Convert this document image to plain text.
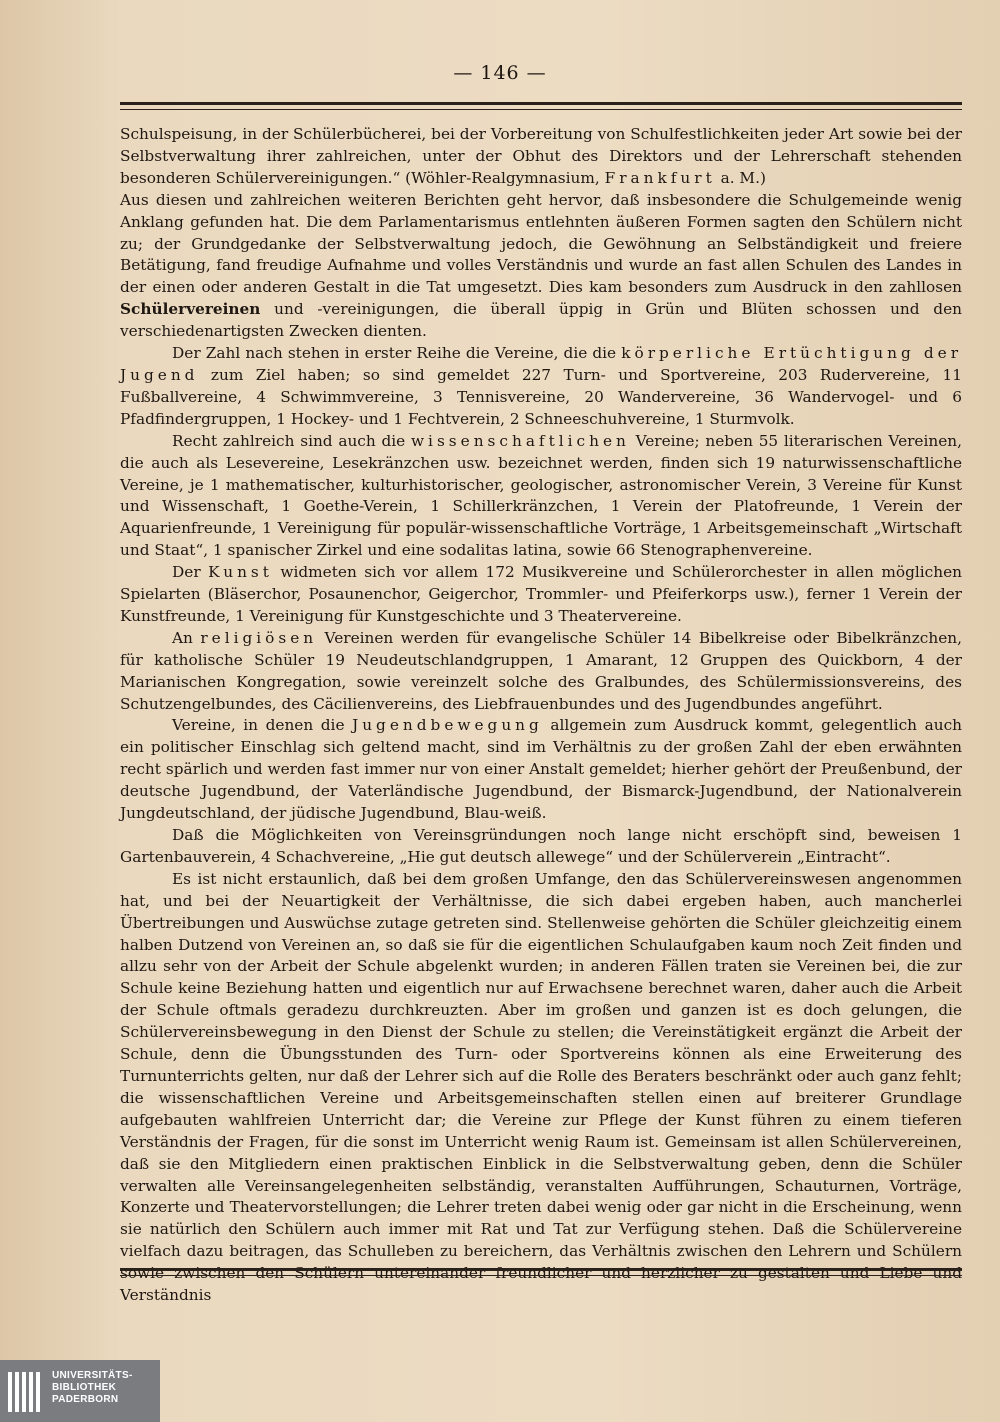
— 146 —

Schulspeisung, in der Schülerbücherei, bei der Vorbereitung von Schulfestlichkeiten jeder Art sowie bei der Selbstverwaltung ihrer zahlreichen, unter der Obhut des Direktors und der Lehrerschaft stehenden besonderen Schülervereinigungen.“ (Wöhler-Realgymnasium, Frankfurt a. M.)

Aus diesen und zahlreichen weiteren Berichten geht hervor, daß insbesondere die Schulgemeinde wenig Anklang gefunden hat. Die dem Parlamentarismus entlehnten äußeren Formen sagten den Schülern nicht zu; der Grundgedanke der Selbstverwaltung jedoch, die Gewöhnung an Selbständigkeit und freiere Betätigung, fand freudige Aufnahme und volles Verständnis und wurde an fast allen Schulen des Landes in der einen oder anderen Gestalt in die Tat umgesetzt. Dies kam besonders zum Ausdruck in den zahllosen Schülervereinen und -vereinigungen, die überall üppig in Grün und Blüten schossen und den verschiedenartigsten Zwecken dienten.

Der Zahl nach stehen in erster Reihe die Vereine, die die körperliche Ertüchtigung der Jugend zum Ziel haben; so sind gemeldet 227 Turn- und Sportvereine, 203 Rudervereine, 11 Fußballvereine, 4 Schwimmvereine, 3 Tennisvereine, 20 Wandervereine, 36 Wandervogel- und 6 Pfadfindergruppen, 1 Hockey- und 1 Fechtverein, 2 Schneeschuhvereine, 1 Sturmvolk.

Recht zahlreich sind auch die wissenschaftlichen Vereine; neben 55 literarischen Vereinen, die auch als Lesevereine, Lesekränzchen usw. bezeichnet werden, finden sich 19 naturwissenschaftliche Vereine, je 1 mathematischer, kulturhistorischer, geologischer, astronomischer Verein, 3 Vereine für Kunst und Wissenschaft, 1 Goethe-Verein, 1 Schillerkränzchen, 1 Verein der Platofreunde, 1 Verein der Aquarienfreunde, 1 Vereinigung für populär-wissenschaftliche Vorträge, 1 Arbeitsgemeinschaft „Wirtschaft und Staat“, 1 spanischer Zirkel und eine sodalitas latina, sowie 66 Stenographenvereine.

Der Kunst widmeten sich vor allem 172 Musikvereine und Schülerorchester in allen möglichen Spielarten (Bläserchor, Posaunenchor, Geigerchor, Trommler- und Pfeiferkorps usw.), ferner 1 Verein der Kunstfreunde, 1 Vereinigung für Kunstgeschichte und 3 Theatervereine.

An religiösen Vereinen werden für evangelische Schüler 14 Bibelkreise oder Bibelkränzchen, für katholische Schüler 19 Neudeutschlandgruppen, 1 Amarant, 12 Gruppen des Quickborn, 4 der Marianischen Kongregation, sowie vereinzelt solche des Gralbundes, des Schülermissionsvereins, des Schutzengelbundes, des Cäcilienvereins, des Liebfrauenbundes und des Jugendbundes angeführt.

Vereine, in denen die Jugendbewegung allgemein zum Ausdruck kommt, gelegentlich auch ein politischer Einschlag sich geltend macht, sind im Verhältnis zu der großen Zahl der eben erwähnten recht spärlich und werden fast immer nur von einer Anstalt gemeldet; hierher gehört der Preußenbund, der deutsche Jugendbund, der Vaterländische Jugendbund, der Bismarck-Jugendbund, der Nationalverein Jungdeutschland, der jüdische Jugendbund, Blau-weiß.

Daß die Möglichkeiten von Vereinsgründungen noch lange nicht erschöpft sind, beweisen 1 Gartenbauverein, 4 Schachvereine, „Hie gut deutsch allewege“ und der Schülerverein „Eintracht“.

Es ist nicht erstaunlich, daß bei dem großen Umfange, den das Schülervereinswesen angenommen hat, und bei der Neuartigkeit der Verhältnisse, die sich dabei ergeben haben, auch mancherlei Übertreibungen und Auswüchse zutage getreten sind. Stellenweise gehörten die Schüler gleichzeitig einem halben Dutzend von Vereinen an, so daß sie für die eigentlichen Schulaufgaben kaum noch Zeit finden und allzu sehr von der Arbeit der Schule abgelenkt wurden; in anderen Fällen traten sie Vereinen bei, die zur Schule keine Beziehung hatten und eigentlich nur auf Erwachsene berechnet waren, daher auch die Arbeit der Schule oftmals geradezu durchkreuzten. Aber im großen und ganzen ist es doch gelungen, die Schülervereinsbewegung in den Dienst der Schule zu stellen; die Vereinstätigkeit ergänzt die Arbeit der Schule, denn die Übungsstunden des Turn- oder Sportvereins können als eine Erweiterung des Turnunterrichts gelten, nur daß der Lehrer sich auf die Rolle des Beraters beschränkt oder auch ganz fehlt; die wissenschaftlichen Vereine und Arbeitsgemeinschaften stellen einen auf breiterer Grundlage aufgebauten wahlfreien Unterricht dar; die Vereine zur Pflege der Kunst führen zu einem tieferen Verständnis der Fragen, für die sonst im Unterricht wenig Raum ist. Gemeinsam ist allen Schülervereinen, daß sie den Mitgliedern einen praktischen Einblick in die Selbstverwaltung geben, denn die Schüler verwalten alle Vereinsangelegenheiten selbständig, veranstalten Aufführungen, Schauturnen, Vorträge, Konzerte und Theatervorstellungen; die Lehrer treten dabei wenig oder gar nicht in die Erscheinung, wenn sie natürlich den Schülern auch immer mit Rat und Tat zur Verfügung stehen. Daß die Schülervereine vielfach dazu beitragen, das Schulleben zu bereichern, das Verhältnis zwischen den Lehrern und Schülern sowie zwischen den Schülern untereinander freundlicher und herzlicher zu gestalten und Liebe und Verständnis

UNIVERSITÄTS-
BIBLIOTHEK
PADERBORN
